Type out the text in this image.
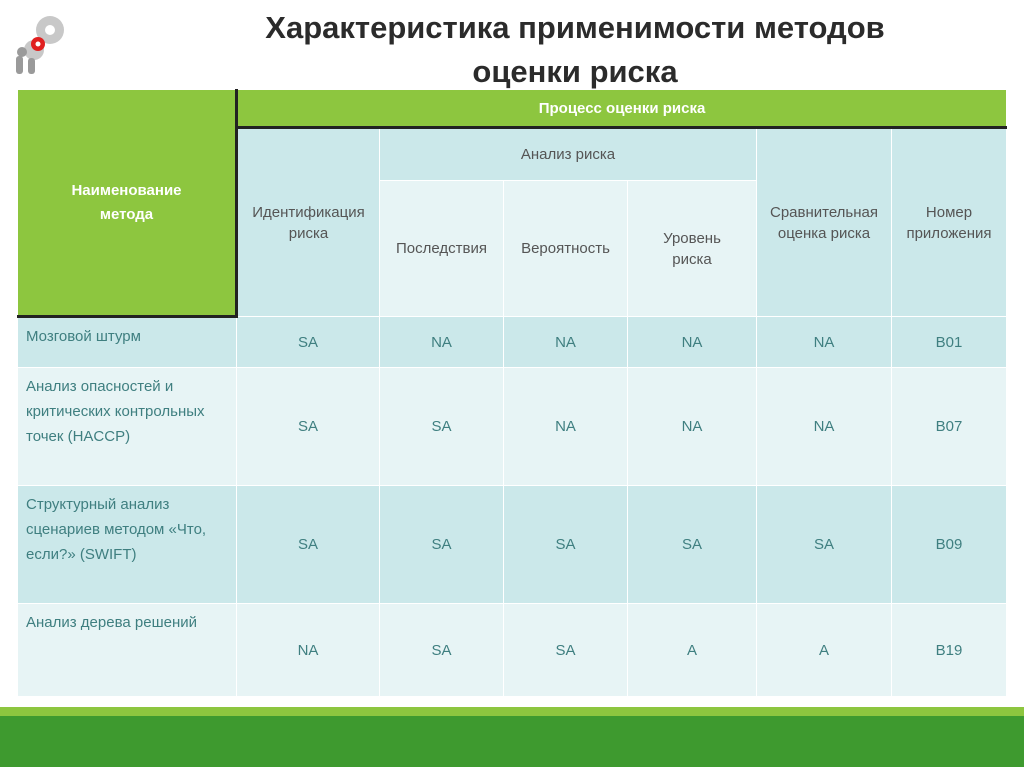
Характеристика применимости методов
оценки риска
Наименование метода	Процесс оценки риска					
	Идентификация риска	Анализ риска			Сравнительная оценка риска	Номер приложения
		Последствия	Вероятность	Уровень риска		
Мозговой штурм	SA	NA	NA	NA	NA	B01
Анализ опасностей и критических контрольных точек (HACCP)	SA	SA	NA	NA	NA	B07
Структурный анализ сценариев методом «Что, если?» (SWIFT)	SA	SA	SA	SA	SA	B09
Анализ дерева решений	NA	SA	SA	A	A	B19
